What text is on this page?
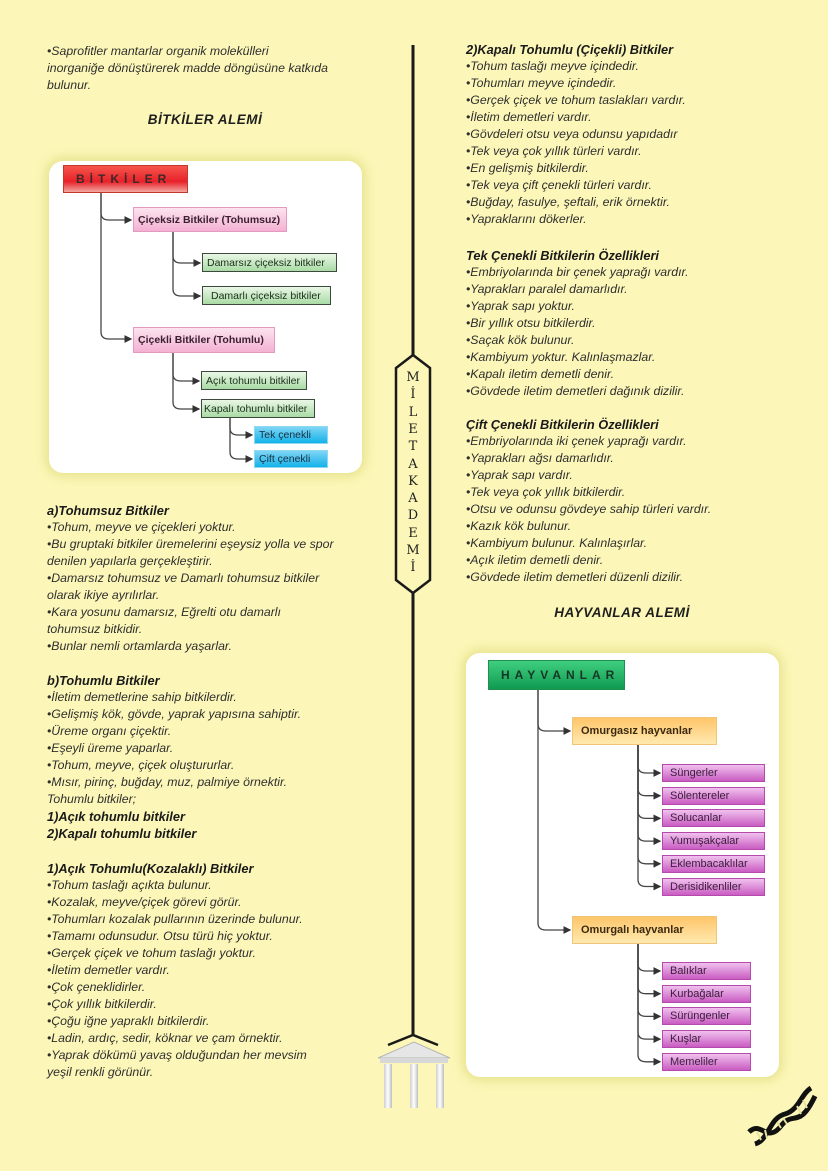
•Saprofitler mantarlar organik molekülleri
inorganiğe dönüştürerek madde döngüsüne katkıda
bulunur.
BİTKİLER ALEMİ
BİTKİLER
Çiçeksiz Bitkiler (Tohumsuz)
Damarsız çiçeksiz bitkiler
Damarlı çiçeksiz bitkiler
Çiçekli Bitkiler (Tohumlu)
Açık tohumlu bitkiler
Kapalı tohumlu bitkiler
Tek çenekli
Çift çenekli
a)Tohumsuz Bitkiler
•Tohum, meyve ve çiçekleri yoktur.
•Bu gruptaki bitkiler üremelerini eşeysiz yolla ve spor
denilen yapılarla gerçekleştirir.
•Damarsız tohumsuz ve Damarlı tohumsuz bitkiler
olarak ikiye ayrılırlar.
•Kara yosunu damarsız, Eğrelti otu damarlı
tohumsuz bitkidir.
•Bunlar nemli ortamlarda yaşarlar.
b)Tohumlu Bitkiler
•İletim demetlerine sahip bitkilerdir.
•Gelişmiş kök, gövde, yaprak yapısına sahiptir.
•Üreme organı çiçektir.
•Eşeyli üreme yaparlar.
•Tohum, meyve, çiçek oluştururlar.
•Mısır, pirinç, buğday, muz, palmiye örnektir.
Tohumlu bitkiler;
1)Açık tohumlu bitkiler
2)Kapalı tohumlu bitkiler
1)Açık Tohumlu(Kozalaklı) Bitkiler
•Tohum taslağı açıkta bulunur.
•Kozalak, meyve/çiçek görevi görür.
•Tohumları kozalak pullarının üzerinde bulunur.
•Tamamı odunsudur. Otsu türü hiç yoktur.
•Gerçek çiçek ve tohum taslağı yoktur.
•İletim demetler vardır.
•Çok çeneklidirler.
•Çok yıllık bitkilerdir.
•Çoğu iğne yapraklı bitkilerdir.
•Ladin, ardıç, sedir, köknar ve çam örnektir.
•Yaprak dökümü yavaş olduğundan her mevsim
yeşil renkli görünür.
M
İ
L
E
T
A
K
A
D
E
M
İ
2)Kapalı Tohumlu (Çiçekli) Bitkiler
•Tohum taslağı meyve içindedir.
•Tohumları meyve içindedir.
•Gerçek çiçek ve tohum taslakları vardır.
•İletim demetleri vardır.
•Gövdeleri otsu veya odunsu yapıdadır
•Tek veya çok yıllık türleri vardır.
•En gelişmiş bitkilerdir.
•Tek veya çift çenekli türleri vardır.
•Buğday, fasulye, şeftali, erik örnektir.
•Yapraklarını dökerler.
Tek Çenekli Bitkilerin Özellikleri
•Embriyolarında bir çenek yaprağı vardır.
•Yaprakları paralel damarlıdır.
•Yaprak sapı yoktur.
•Bir yıllık otsu bitkilerdir.
•Saçak kök bulunur.
•Kambiyum yoktur. Kalınlaşmazlar.
•Kapalı iletim demetli denir.
•Gövdede iletim demetleri dağınık dizilir.
Çift Çenekli Bitkilerin Özellikleri
•Embriyolarında iki çenek yaprağı vardır.
•Yaprakları ağsı damarlıdır.
•Yaprak sapı vardır.
•Tek veya çok yıllık bitkilerdir.
•Otsu ve odunsu gövdeye sahip türleri vardır.
•Kazık kök bulunur.
•Kambiyum bulunur. Kalınlaşırlar.
•Açık iletim demetli denir.
•Gövdede iletim demetleri düzenli dizilir.
HAYVANLAR ALEMİ
HAYVANLAR
Omurgasız hayvanlar
Omurgalı hayvanlar
Süngerler
Sölentereler
Solucanlar
Yumuşakçalar
Eklembacaklılar
Derisidikenliler
Balıklar
Kurbağalar
Sürüngenler
Kuşlar
Memeliler
